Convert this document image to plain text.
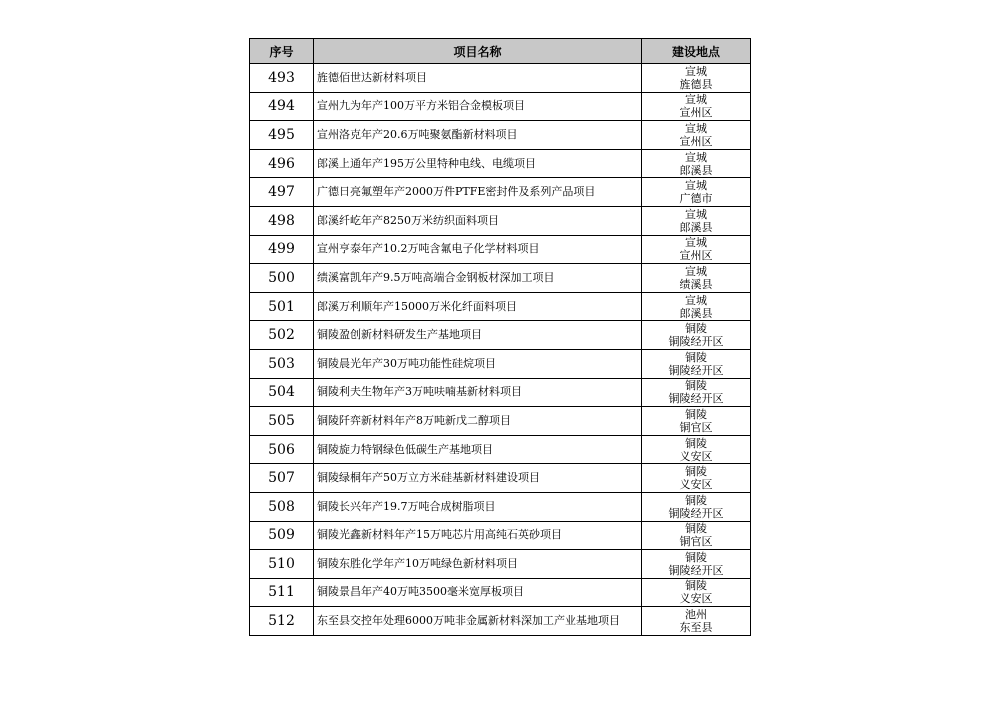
序号	项目名称	建设地点
493	旌德佰世达新材料项目	宣城
旌德县

494	宣州九为年产100万平方米铝合金模板项目	宣城
宣州区

495	宣州洛克年产20.6万吨聚氨酯新材料项目	宣城
宣州区

496	郎溪上通年产195万公里特种电线、电缆项目	宣城
郎溪县

497	广德日亮氟塑年产2000万件PTFE密封件及系列产品项目	宣城
广德市

498	郎溪纤屹年产8250万米纺织面料项目	宣城
郎溪县

499	宣州亨泰年产10.2万吨含氟电子化学材料项目	宣城
宣州区

500	绩溪富凯年产9.5万吨高端合金钢板材深加工项目	宣城
绩溪县

501	郎溪万利顺年产15000万米化纤面料项目	宣城
郎溪县

502	铜陵盈创新材料研发生产基地项目	铜陵
铜陵经开区

503	铜陵晨光年产30万吨功能性硅烷项目	铜陵
铜陵经开区

504	铜陵利夫生物年产3万吨呋喃基新材料项目	铜陵
铜陵经开区

505	铜陵阡弈新材料年产8万吨新戊二醇项目	铜陵
铜官区

506	铜陵旋力特钢绿色低碳生产基地项目	铜陵
义安区

507	铜陵绿桐年产50万立方米硅基新材料建设项目	铜陵
义安区

508	铜陵长兴年产19.7万吨合成树脂项目	铜陵
铜陵经开区

509	铜陵光鑫新材料年产15万吨芯片用高纯石英砂项目	铜陵
铜官区

510	铜陵东胜化学年产10万吨绿色新材料项目	铜陵
铜陵经开区

511	铜陵景昌年产40万吨3500毫米宽厚板项目	铜陵
义安区

512	东至县交控年处理6000万吨非金属新材料深加工产业基地项目	池州
东至县
